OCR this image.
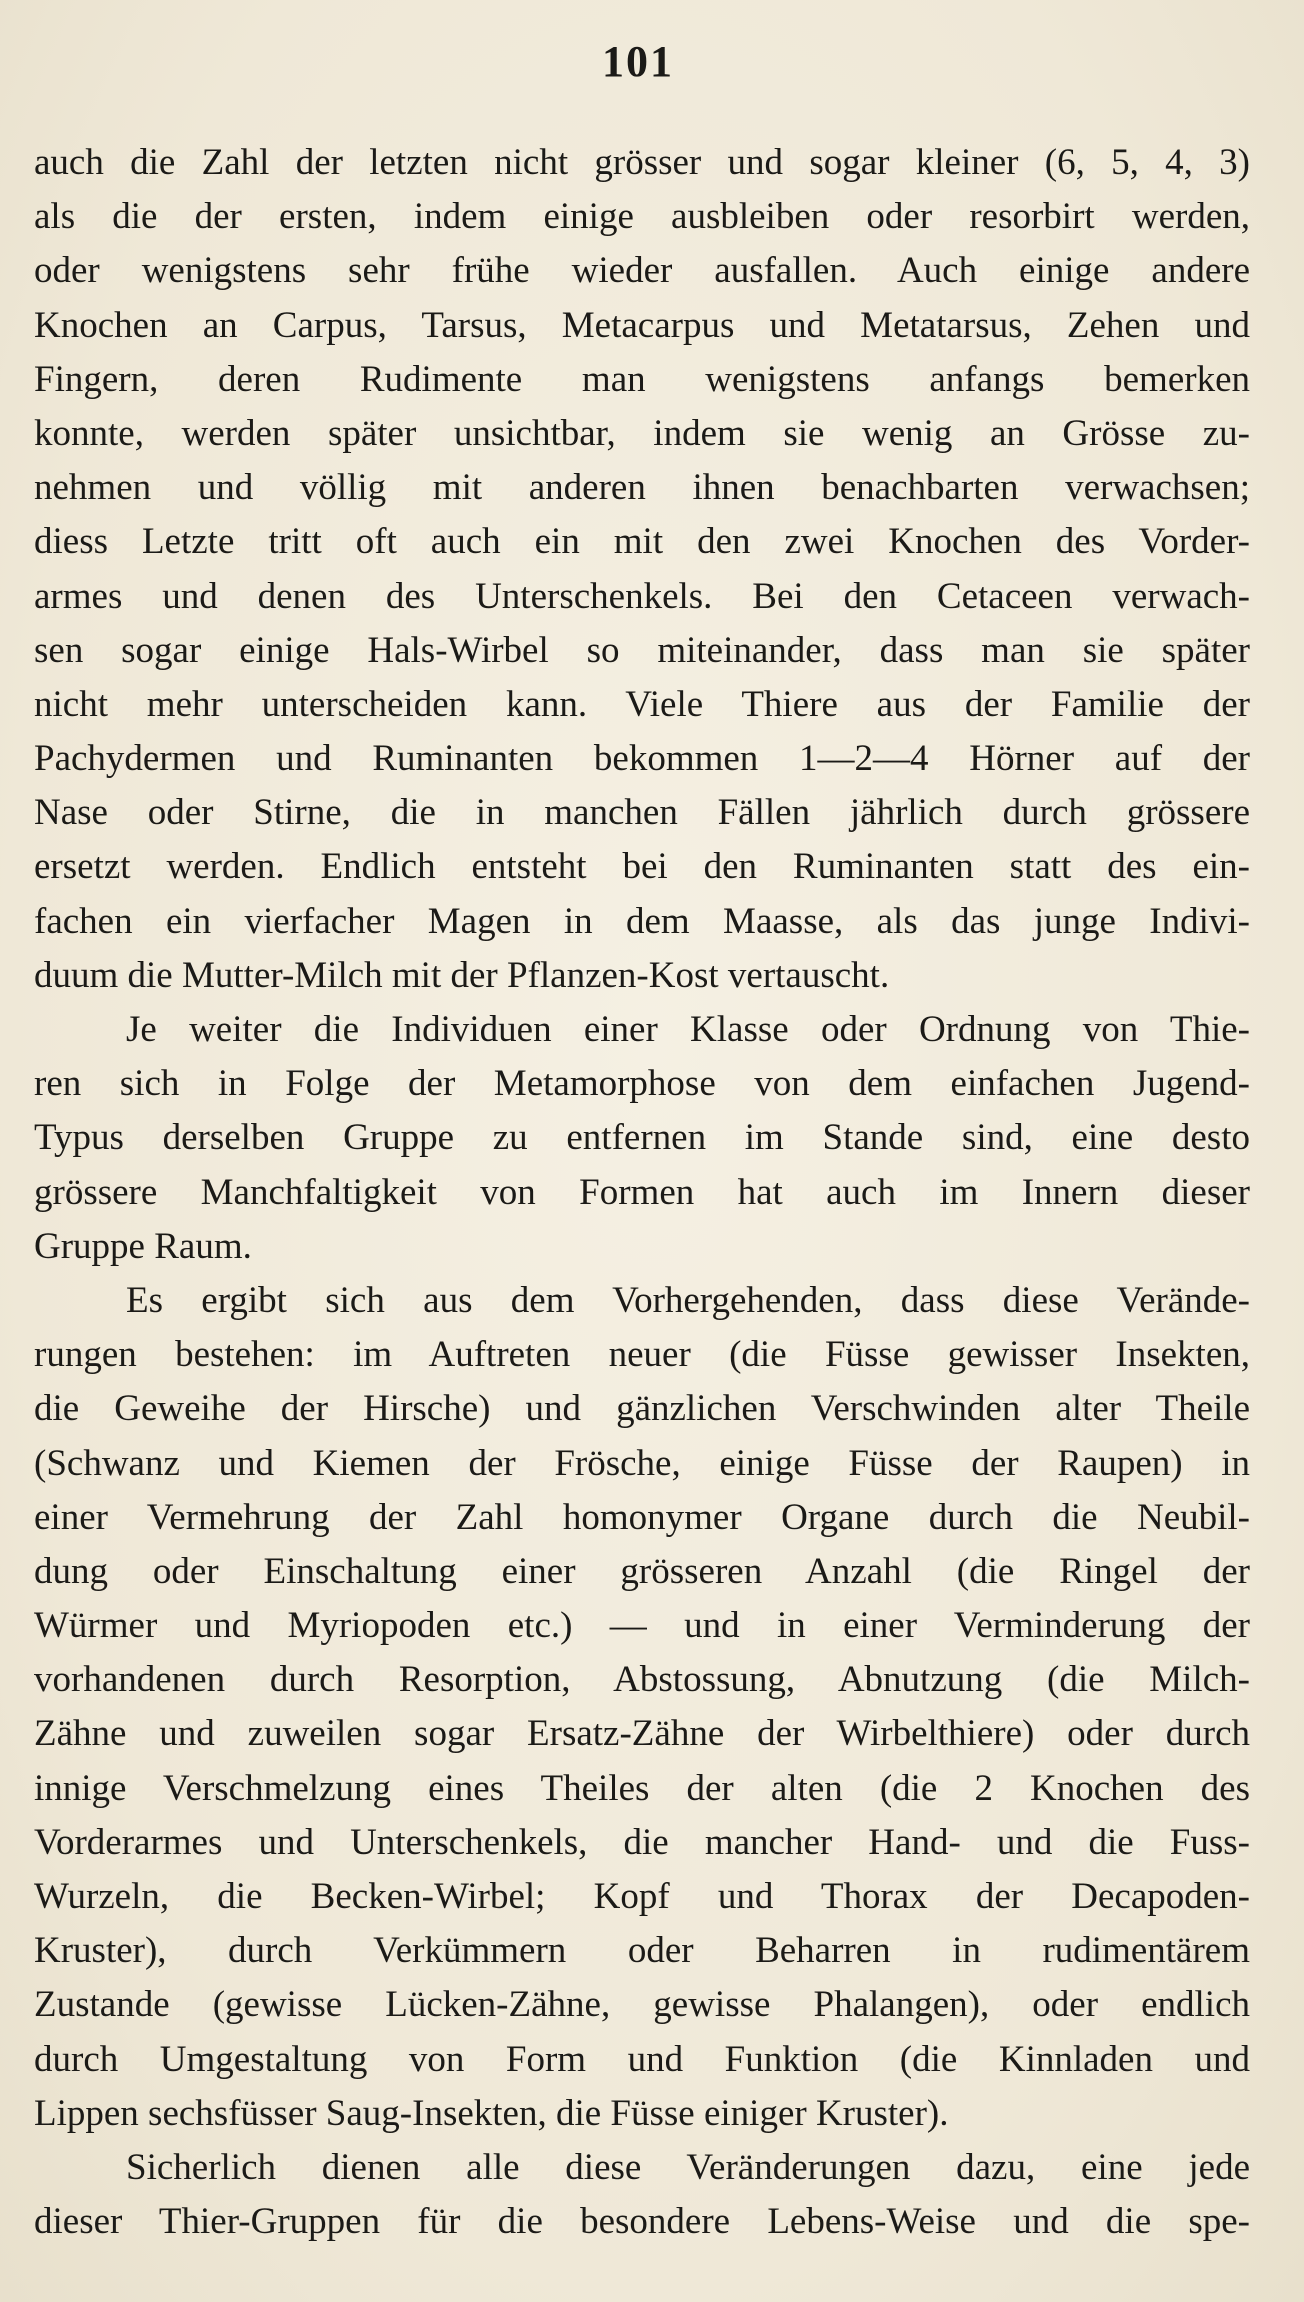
101
auch die Zahl der letzten nicht grösser und sogar kleiner (6, 5, 4, 3)
als die der ersten, indem einige ausbleiben oder resorbirt werden,
oder wenigstens sehr frühe wieder ausfallen. Auch einige andere
Knochen an Carpus, Tarsus, Metacarpus und Metatarsus, Zehen und
Fingern, deren Rudimente man wenigstens anfangs bemerken
konnte, werden später unsichtbar, indem sie wenig an Grösse zu-
nehmen und völlig mit anderen ihnen benachbarten verwachsen;
diess Letzte tritt oft auch ein mit den zwei Knochen des Vorder-
armes und denen des Unterschenkels. Bei den Cetaceen verwach-
sen sogar einige Hals-Wirbel so miteinander, dass man sie später
nicht mehr unterscheiden kann. Viele Thiere aus der Familie der
Pachydermen und Ruminanten bekommen 1—2—4 Hörner auf der
Nase oder Stirne, die in manchen Fällen jährlich durch grössere
ersetzt werden. Endlich entsteht bei den Ruminanten statt des ein-
fachen ein vierfacher Magen in dem Maasse, als das junge Indivi-
duum die Mutter-Milch mit der Pflanzen-Kost vertauscht.
Je weiter die Individuen einer Klasse oder Ordnung von Thie-
ren sich in Folge der Metamorphose von dem einfachen Jugend-
Typus derselben Gruppe zu entfernen im Stande sind, eine desto
grössere Manchfaltigkeit von Formen hat auch im Innern dieser
Gruppe Raum.
Es ergibt sich aus dem Vorhergehenden, dass diese Verände-
rungen bestehen: im Auftreten neuer (die Füsse gewisser Insekten,
die Geweihe der Hirsche) und gänzlichen Verschwinden alter Theile
(Schwanz und Kiemen der Frösche, einige Füsse der Raupen) in
einer Vermehrung der Zahl homonymer Organe durch die Neubil-
dung oder Einschaltung einer grösseren Anzahl (die Ringel der
Würmer und Myriopoden etc.) — und in einer Verminderung der
vorhandenen durch Resorption, Abstossung, Abnutzung (die Milch-
Zähne und zuweilen sogar Ersatz-Zähne der Wirbelthiere) oder durch
innige Verschmelzung eines Theiles der alten (die 2 Knochen des
Vorderarmes und Unterschenkels, die mancher Hand- und die Fuss-
Wurzeln, die Becken-Wirbel; Kopf und Thorax der Decapoden-
Kruster), durch Verkümmern oder Beharren in rudimentärem
Zustande (gewisse Lücken-Zähne, gewisse Phalangen), oder endlich
durch Umgestaltung von Form und Funktion (die Kinnladen und
Lippen sechsfüsser Saug-Insekten, die Füsse einiger Kruster).
Sicherlich dienen alle diese Veränderungen dazu, eine jede
dieser Thier-Gruppen für die besondere Lebens-Weise und die spe-
